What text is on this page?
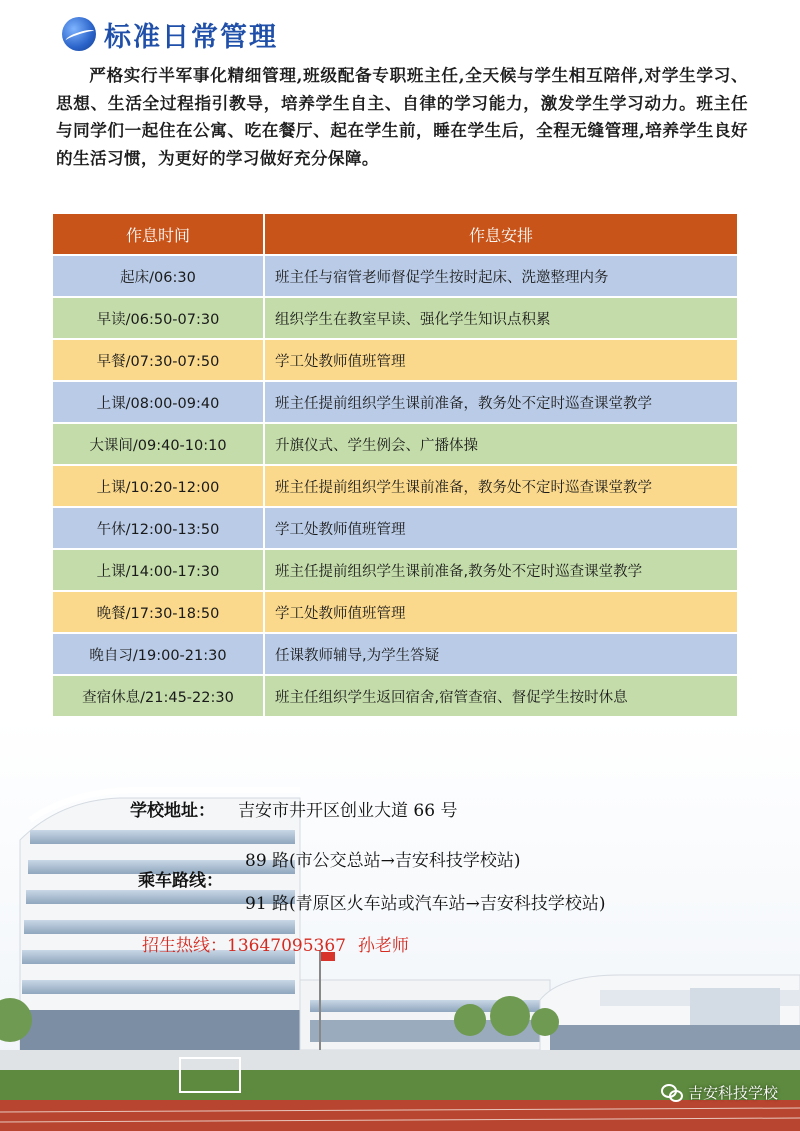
标准日常管理

严格实行半军事化精细管理,班级配备专职班主任,全天候与学生相互陪伴,对学生学习、思想、生活全过程指引教导，培养学生自主、自律的学习能力，激发学生学习动力。班主任与同学们一起住在公寓、吃在餐厅、起在学生前，睡在学生后，全程无缝管理,培养学生良好的生活习惯，为更好的学习做好充分保障。

作息时间	作息安排
起床/06:30	班主任与宿管老师督促学生按时起床、洗邀整理内务
早读/06:50-07:30	组织学生在教室早读、强化学生知识点积累
早餐/07:30-07:50	学工处教师值班管理
上课/08:00-09:40	班主任提前组织学生课前准备，教务处不定时巡查课堂教学
大课间/09:40-10:10	升旗仪式、学生例会、广播体操
上课/10:20-12:00	班主任提前组织学生课前准备，教务处不定时巡查课堂教学
午休/12:00-13:50	学工处教师值班管理
上课/14:00-17:30	班主任提前组织学生课前准备,教务处不定时巡查课堂教学
晚餐/17:30-18:50	学工处教师值班管理
晚自习/19:00-21:30	任课教师辅导,为学生答疑
查宿休息/21:45-22:30	班主任组织学生返回宿舍,宿管查宿、督促学生按时休息
学校地址： 吉安市井开区创业大道 66 号
乘车路线：
89 路(市公交总站→吉安科技学校站)
91 路(青原区火车站或汽车站→吉安科技学校站)
招生热线：13647095367 孙老师
吉安科技学校
